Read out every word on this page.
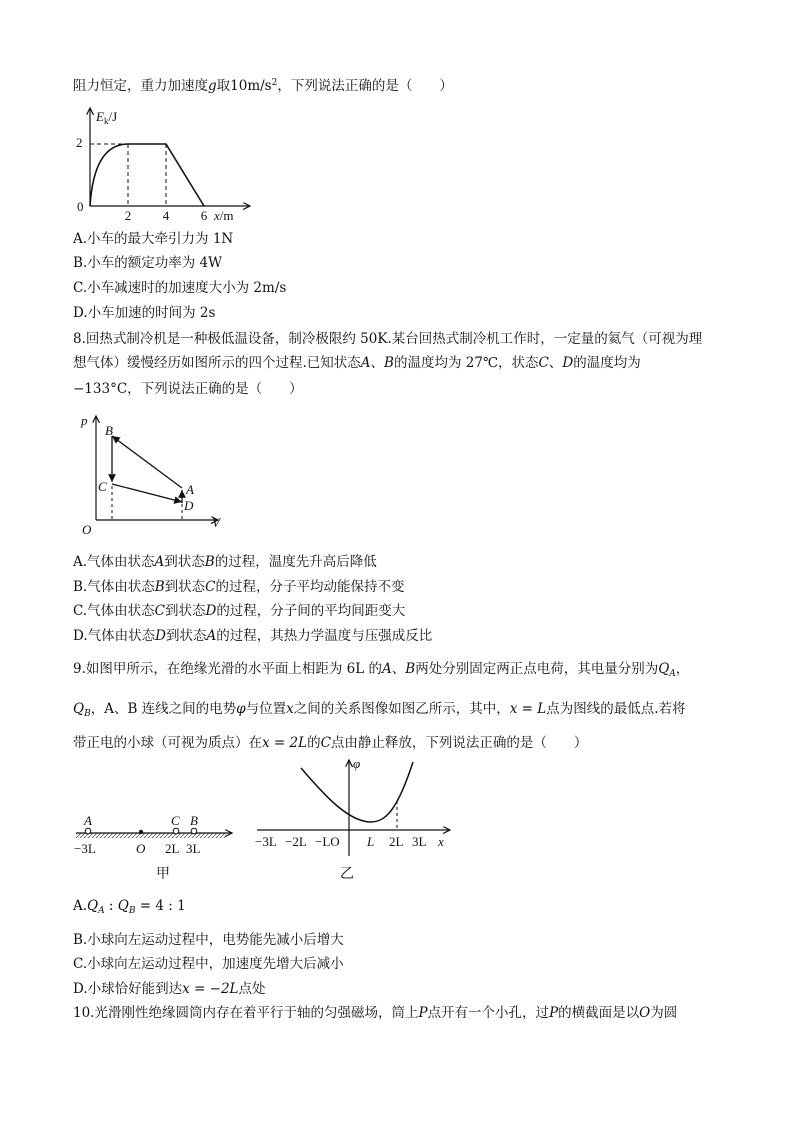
阻力恒定，重力加速度g取$10m/s^2$，下列说法正确的是（　　）
$E_k/J$
2
0
2 4 6 x/m
A.小车的最大牵引力为 1N
B.小车的额定功率为 4W
C.小车减速时的加速度大小为 2m/s
D.小车加速的时间为 2s
8.回热式制冷机是一种极低温设备，制冷极限约 50K.某台回热式制冷机工作时，一定量的氦气（可视为理
想气体）缓慢经历如图所示的四个过程.已知状态A、B的温度均为 27℃，状态C、D的温度均为
−133°C，下列说法正确的是（　　）
p
V
O
B
C	A
D
A.气体由状态A到状态B的过程，温度先升高后降低
B.气体由状态B到状态C的过程，分子平均动能保持不变
C.气体由状态C到状态D的过程，分子间的平均间距变大
D.气体由状态D到状态A的过程，其热力学温度与压强成反比
9.如图甲所示，在绝缘光滑的水平面上相距为 6L 的A、B两处分别固定两正点电荷，其电量分别为$Q_A$，
$Q_B$，A、B 连线之间的电势φ与位置x之间的关系图像如图乙所示，其中，x = L点为图线的最低点.若将
带正电的小球（可视为质点）在x = 2L的C点由静止释放，下列说法正确的是（　　）
A	C B
−3L	O 2L 3L
甲
φ
−3L −2L −LO L 2L 3L x
乙
$A.Q_A$ : $Q_B = 4$ : 1
B.小球向左运动过程中，电势能先减小后增大
C.小球向左运动过程中，加速度先增大后减小
D.小球恰好能到达x = −2L点处
10.光滑刚性绝缘圆筒内存在着平行于轴的匀强磁场，筒上P点开有一个小孔，过P的横截面是以O为圆
